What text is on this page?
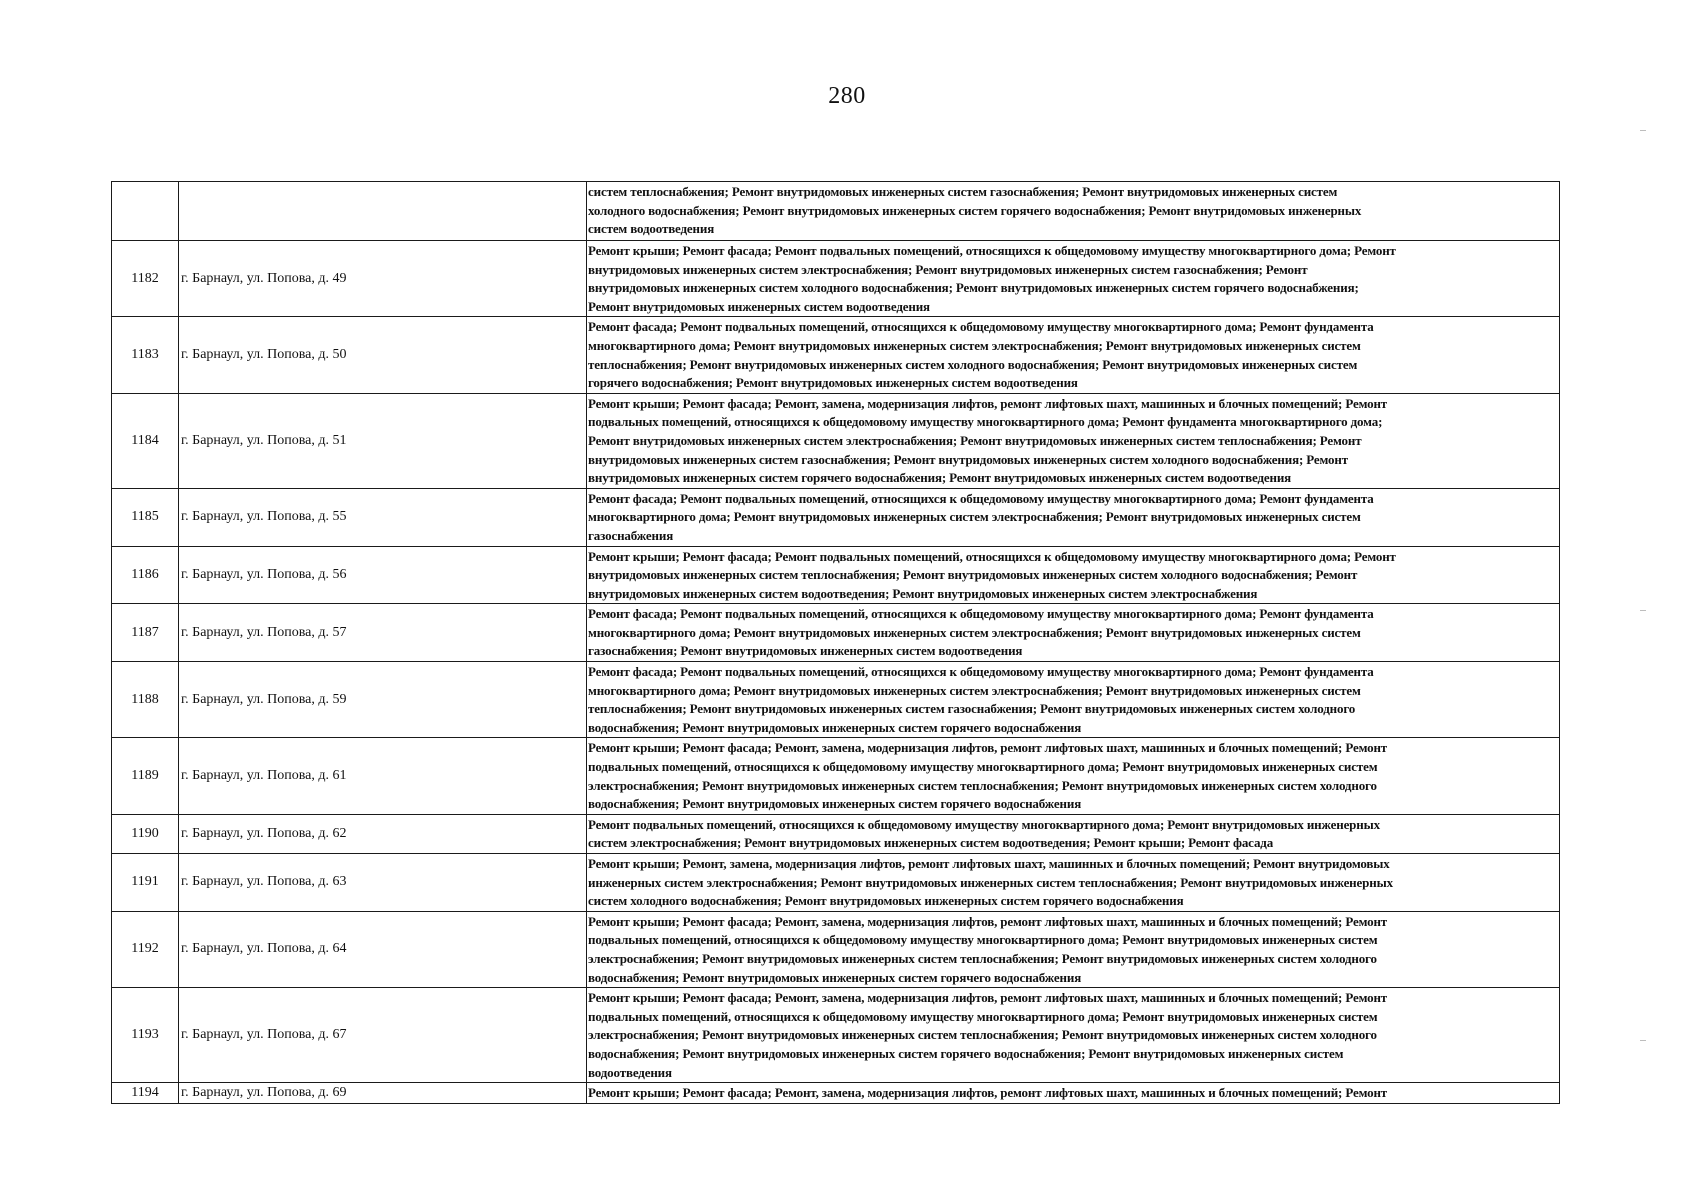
280
		систем теплоснабжения; Ремонт внутридомовых инженерных систем газоснабжения; Ремонт внутридомовых инженерных систем
холодного водоснабжения; Ремонт внутридомовых инженерных систем горячего водоснабжения; Ремонт внутридомовых инженерных
систем водоотведения
1182	г. Барнаул, ул. Попова, д. 49	Ремонт крыши; Ремонт фасада; Ремонт подвальных помещений, относящихся к общедомовому имуществу многоквартирного дома; Ремонт
внутридомовых инженерных систем электроснабжения; Ремонт внутридомовых инженерных систем газоснабжения; Ремонт
внутридомовых инженерных систем холодного водоснабжения; Ремонт внутридомовых инженерных систем горячего водоснабжения;
Ремонт внутридомовых инженерных систем водоотведения
1183	г. Барнаул, ул. Попова, д. 50	Ремонт фасада; Ремонт подвальных помещений, относящихся к общедомовому имуществу многоквартирного дома; Ремонт фундамента
многоквартирного дома; Ремонт внутридомовых инженерных систем электроснабжения; Ремонт внутридомовых инженерных систем
теплоснабжения; Ремонт внутридомовых инженерных систем холодного водоснабжения; Ремонт внутридомовых инженерных систем
горячего водоснабжения; Ремонт внутридомовых инженерных систем водоотведения
1184	г. Барнаул, ул. Попова, д. 51	Ремонт крыши; Ремонт фасада; Ремонт, замена, модернизация лифтов, ремонт лифтовых шахт, машинных и блочных помещений; Ремонт
подвальных помещений, относящихся к общедомовому имуществу многоквартирного дома; Ремонт фундамента многоквартирного дома;
Ремонт внутридомовых инженерных систем электроснабжения; Ремонт внутридомовых инженерных систем теплоснабжения; Ремонт
внутридомовых инженерных систем газоснабжения; Ремонт внутридомовых инженерных систем холодного водоснабжения; Ремонт
внутридомовых инженерных систем горячего водоснабжения; Ремонт внутридомовых инженерных систем водоотведения
1185	г. Барнаул, ул. Попова, д. 55	Ремонт фасада; Ремонт подвальных помещений, относящихся к общедомовому имуществу многоквартирного дома; Ремонт фундамента
многоквартирного дома; Ремонт внутридомовых инженерных систем электроснабжения; Ремонт внутридомовых инженерных систем
газоснабжения
1186	г. Барнаул, ул. Попова, д. 56	Ремонт крыши; Ремонт фасада; Ремонт подвальных помещений, относящихся к общедомовому имуществу многоквартирного дома; Ремонт
внутридомовых инженерных систем теплоснабжения; Ремонт внутридомовых инженерных систем холодного водоснабжения; Ремонт
внутридомовых инженерных систем водоотведения; Ремонт внутридомовых инженерных систем электроснабжения
1187	г. Барнаул, ул. Попова, д. 57	Ремонт фасада; Ремонт подвальных помещений, относящихся к общедомовому имуществу многоквартирного дома; Ремонт фундамента
многоквартирного дома; Ремонт внутридомовых инженерных систем электроснабжения; Ремонт внутридомовых инженерных систем
газоснабжения; Ремонт внутридомовых инженерных систем водоотведения
1188	г. Барнаул, ул. Попова, д. 59	Ремонт фасада; Ремонт подвальных помещений, относящихся к общедомовому имуществу многоквартирного дома; Ремонт фундамента
многоквартирного дома; Ремонт внутридомовых инженерных систем электроснабжения; Ремонт внутридомовых инженерных систем
теплоснабжения; Ремонт внутридомовых инженерных систем газоснабжения; Ремонт внутридомовых инженерных систем холодного
водоснабжения; Ремонт внутридомовых инженерных систем горячего водоснабжения
1189	г. Барнаул, ул. Попова, д. 61	Ремонт крыши; Ремонт фасада; Ремонт, замена, модернизация лифтов, ремонт лифтовых шахт, машинных и блочных помещений; Ремонт
подвальных помещений, относящихся к общедомовому имуществу многоквартирного дома; Ремонт внутридомовых инженерных систем
электроснабжения; Ремонт внутридомовых инженерных систем теплоснабжения; Ремонт внутридомовых инженерных систем холодного
водоснабжения; Ремонт внутридомовых инженерных систем горячего водоснабжения
1190	г. Барнаул, ул. Попова, д. 62	Ремонт подвальных помещений, относящихся к общедомовому имуществу многоквартирного дома; Ремонт внутридомовых инженерных
систем электроснабжения; Ремонт внутридомовых инженерных систем водоотведения; Ремонт крыши; Ремонт фасада
1191	г. Барнаул, ул. Попова, д. 63	Ремонт крыши; Ремонт, замена, модернизация лифтов, ремонт лифтовых шахт, машинных и блочных помещений; Ремонт внутридомовых
инженерных систем электроснабжения; Ремонт внутридомовых инженерных систем теплоснабжения; Ремонт внутридомовых инженерных
систем холодного водоснабжения; Ремонт внутридомовых инженерных систем горячего водоснабжения
1192	г. Барнаул, ул. Попова, д. 64	Ремонт крыши; Ремонт фасада; Ремонт, замена, модернизация лифтов, ремонт лифтовых шахт, машинных и блочных помещений; Ремонт
подвальных помещений, относящихся к общедомовому имуществу многоквартирного дома; Ремонт внутридомовых инженерных систем
электроснабжения; Ремонт внутридомовых инженерных систем теплоснабжения; Ремонт внутридомовых инженерных систем холодного
водоснабжения; Ремонт внутридомовых инженерных систем горячего водоснабжения
1193	г. Барнаул, ул. Попова, д. 67	Ремонт крыши; Ремонт фасада; Ремонт, замена, модернизация лифтов, ремонт лифтовых шахт, машинных и блочных помещений; Ремонт
подвальных помещений, относящихся к общедомовому имуществу многоквартирного дома; Ремонт внутридомовых инженерных систем
электроснабжения; Ремонт внутридомовых инженерных систем теплоснабжения; Ремонт внутридомовых инженерных систем холодного
водоснабжения; Ремонт внутридомовых инженерных систем горячего водоснабжения; Ремонт внутридомовых инженерных систем
водоотведения
1194	г. Барнаул, ул. Попова, д. 69	Ремонт крыши; Ремонт фасада; Ремонт, замена, модернизация лифтов, ремонт лифтовых шахт, машинных и блочных помещений; Ремонт
